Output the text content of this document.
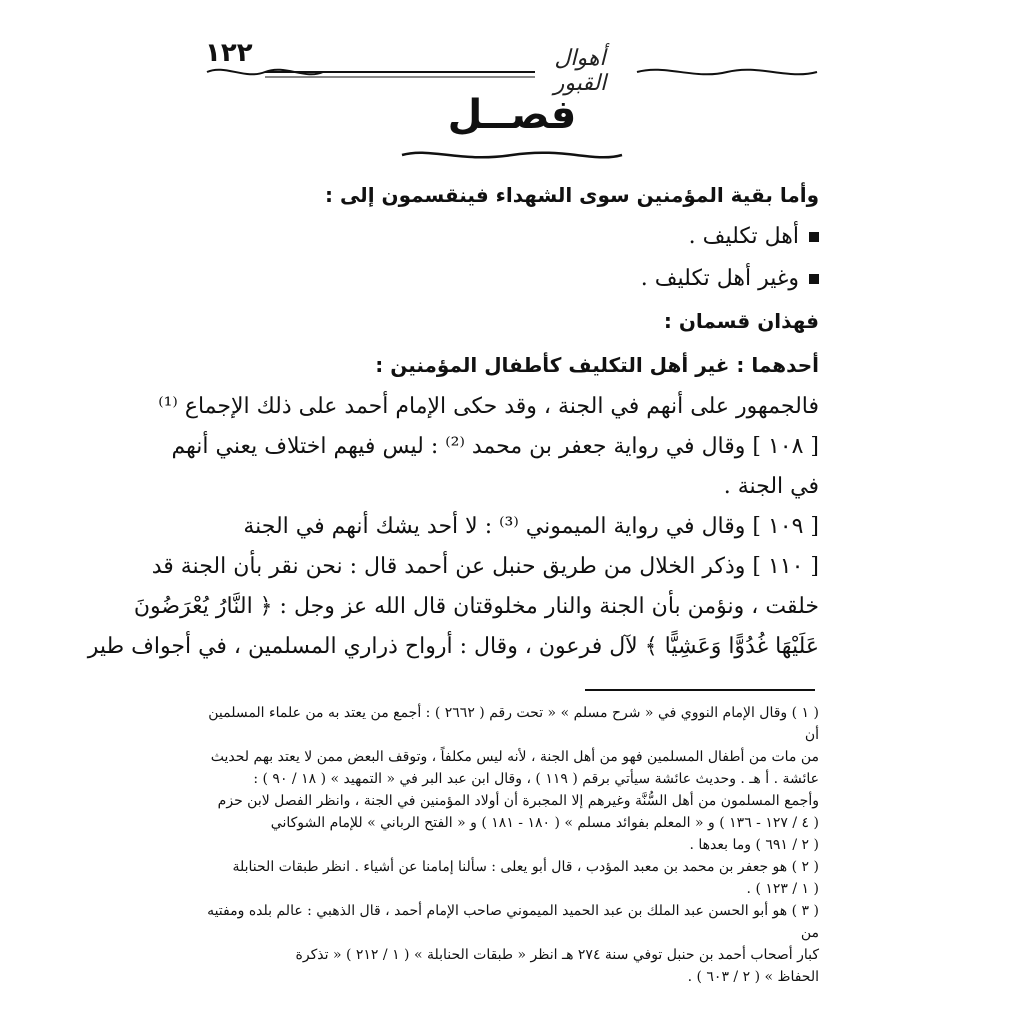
١٢٢	أهوال القبور
فصــل

وأما بقية المؤمنين سوى الشهداء فينقسمون إلى :

أهل تكليف .

وغير أهل تكليف .

فهذان قسمان :

أحدهما : غير أهل التكليف كأطفال المؤمنين :

فالجمهور على أنهم في الجنة ، وقد حكى الإمام أحمد على ذلك الإجماع ⁽¹⁾

[ ١٠٨ ] وقال في رواية جعفر بن محمد ⁽²⁾ : ليس فيهم اختلاف يعني أنهم

في الجنة .

[ ١٠٩ ] وقال في رواية الميموني ⁽³⁾ : لا أحد يشك أنهم في الجنة

[ ١١٠ ] وذكر الخلال من طريق حنبل عن أحمد قال : نحن نقر بأن الجنة قد

خلقت ، ونؤمن بأن الجنة والنار مخلوقتان قال الله عز وجل : ﴿ النَّارُ يُعْرَضُونَ

عَلَيْهَا غُدُوًّا وَعَشِيًّا ﴾ لآل فرعون ، وقال : أرواح ذراري المسلمين ، في أجواف طير

( ١ ) وقال الإمام النووي في « شرح مسلم » « تحت رقم ( ٢٦٦٢ ) : أجمع من يعتد به من علماء المسلمين أن

من مات من أطفال المسلمين فهو من أهل الجنة ، لأنه ليس مكلفاً ، وتوقف البعض ممن لا يعتد بهم لحديث

عائشة . أ هـ . وحديث عائشة سيأتي برقم ( ١١٩ ) ، وقال ابن عبد البر في « التمهيد » ( ١٨ / ٩٠ ) :

وأجمع المسلمون من أهل السُّنَّة وغيرهم إلا المجبرة أن أولاد المؤمنين في الجنة ، وانظر الفصل لابن حزم

( ٤ / ١٢٧ - ١٣٦ ) و « المعلم بفوائد مسلم » ( ١٨٠ - ١٨١ ) و « الفتح الرباني » للإمام الشوكاني

( ٢ / ٦٩١ ) وما بعدها .

( ٢ ) هو جعفر بن محمد بن معبد المؤدب ، قال أبو يعلى : سألنا إمامنا عن أشياء . انظر طبقات الحنابلة

( ١ / ١٢٣ ) .

( ٣ ) هو أبو الحسن عبد الملك بن عبد الحميد الميموني صاحب الإمام أحمد ، قال الذهبي : عالم بلده ومفتيه من

كبار أصحاب أحمد بن حنبل توفي سنة ٢٧٤ هـ انظر « طبقات الحنابلة » ( ١ / ٢١٢ ) « تذكرة

الحفاظ » ( ٢ / ٦٠٣ ) .
